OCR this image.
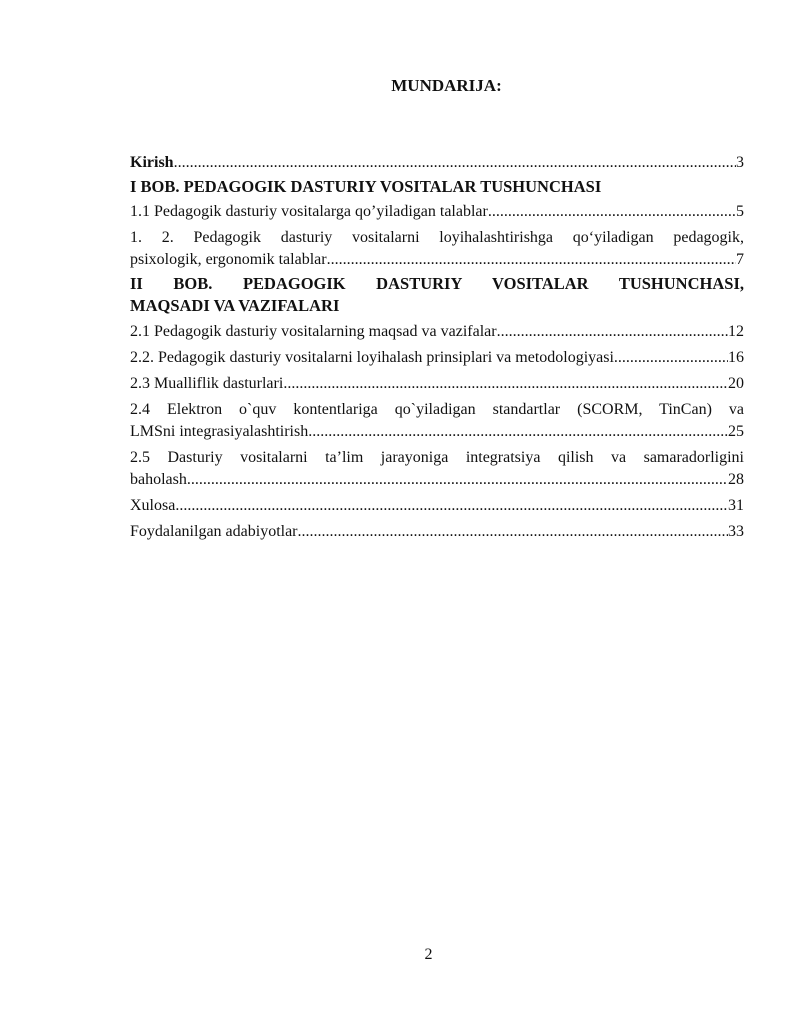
MUNDARIJA:
Kirish .....	3
I BOB. PEDAGOGIK DASTURIY VOSITALAR TUSHUNCHASI
1.1 Pedagogik dasturiy vositalarga qo’yiladigan talablar .....	5
1. 2. Pedagogik dasturiy vositalarni loyihalashtirishga qo‘yiladigan pedagogik,
psixologik, ergonomik talablar .....	7
II BOB. PEDAGOGIK DASTURIY VOSITALAR TUSHUNCHASI,
MAQSADI VA VAZIFALARI
2.1 Pedagogik dasturiy vositalarning maqsad va vazifalar .....	12
2.2. Pedagogik dasturiy vositalarni loyihalash prinsiplari va metodologiyasi .....	16
2.3 Mualliflik dasturlari .....	20
2.4 Elektron o`quv kontentlariga qo`yiladigan standartlar (SCORM, TinCan) va
LMSni integrasiyalashtirish .....	25
2.5 Dasturiy vositalarni ta’lim jarayoniga integratsiya qilish va samaradorligini
baholash .....	28
Xulosa .....	31
Foydalanilgan adabiyotlar .....	33
2
